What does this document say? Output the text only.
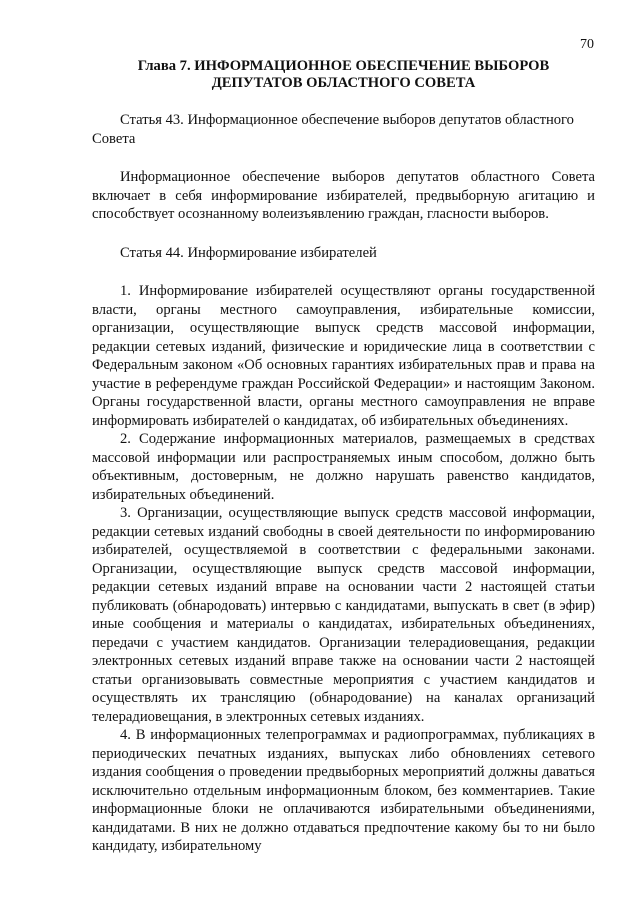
70
Глава 7. ИНФОРМАЦИОННОЕ ОБЕСПЕЧЕНИЕ ВЫБОРОВ
ДЕПУТАТОВ ОБЛАСТНОГО СОВЕТА

Статья 43. Информационное обеспечение выборов депутатов областного Совета

Информационное обеспечение выборов депутатов областного Совета включает в себя информирование избирателей, предвыборную агитацию и способствует осознанному волеизъявлению граждан, гласности выборов.

Статья 44. Информирование избирателей

1. Информирование избирателей осуществляют органы государственной власти, органы местного самоуправления, избирательные комиссии, организации, осуществляющие выпуск средств массовой информации, редакции сетевых изданий, физические и юридические лица в соответствии с Федеральным законом «Об основных гарантиях избирательных прав и права на участие в референдуме граждан Российской Федерации» и настоящим Законом. Органы государственной власти, органы местного самоуправления не вправе информировать избирателей о кандидатах, об избирательных объединениях.

2. Содержание информационных материалов, размещаемых в средствах массовой информации или распространяемых иным способом, должно быть объективным, достоверным, не должно нарушать равенство кандидатов, избирательных объединений.

3. Организации, осуществляющие выпуск средств массовой информации, редакции сетевых изданий свободны в своей деятельности по информированию избирателей, осуществляемой в соответствии с федеральными законами. Организации, осуществляющие выпуск средств массовой информации, редакции сетевых изданий вправе на основании части 2 настоящей статьи публиковать (обнародовать) интервью с кандидатами, выпускать в свет (в эфир) иные сообщения и материалы о кандидатах, избирательных объединениях, передачи с участием кандидатов. Организации телерадиовещания, редакции электронных сетевых изданий вправе также на основании части 2 настоящей статьи организовывать совместные мероприятия с участием кандидатов и осуществлять их трансляцию (обнародование) на каналах организаций телерадиовещания, в электронных сетевых изданиях.

4. В информационных телепрограммах и радиопрограммах, публикациях в периодических печатных изданиях, выпусках либо обновлениях сетевого издания сообщения о проведении предвыборных мероприятий должны даваться исключительно отдельным информационным блоком, без комментариев. Такие информационные блоки не оплачиваются избирательными объединениями, кандидатами. В них не должно отдаваться предпочтение какому бы то ни было кандидату, избирательному
